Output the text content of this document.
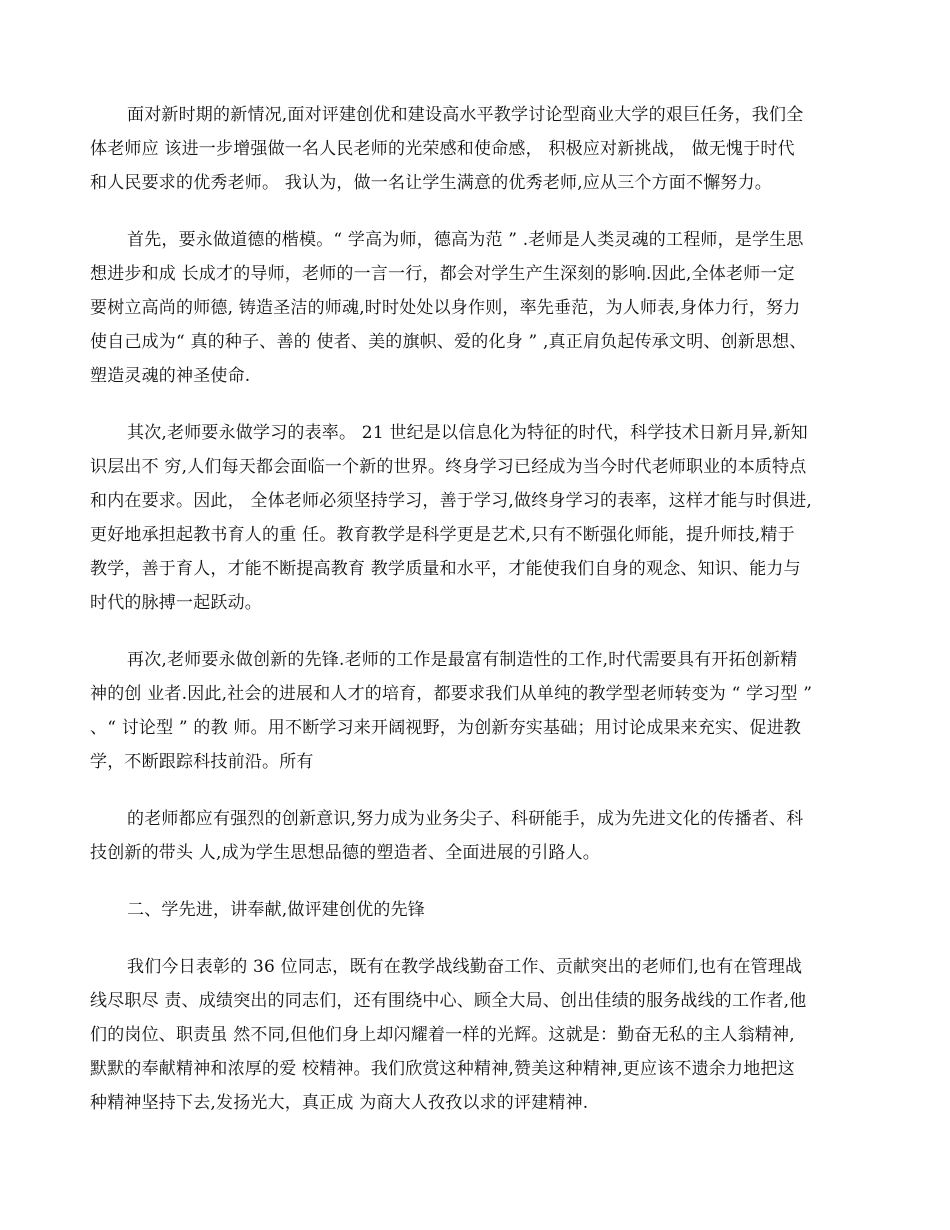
面对新时期的新情况,面对评建创优和建设高水平教学讨论型商业大学的艰巨任务，我们全
体老师应 该进一步增强做一名人民老师的光荣感和使命感， 积极应对新挑战， 做无愧于时代
和人民要求的优秀老师。 我认为，做一名让学生满意的优秀老师,应从三个方面不懈努力。
首先，要永做道德的楷模。“ 学高为师，德高为范 ” .老师是人类灵魂的工程师，是学生思
想进步和成 长成才的导师，老师的一言一行，都会对学生产生深刻的影响.因此,全体老师一定
要树立高尚的师德, 铸造圣洁的师魂,时时处处以身作则，率先垂范，为人师表,身体力行，努力
使自己成为“ 真的种子、善的 使者、美的旗帜、爱的化身 ” ,真正肩负起传承文明、创新思想、
塑造灵魂的神圣使命.
其次,老师要永做学习的表率。 21 世纪是以信息化为特征的时代，科学技术日新月异,新知
识层出不 穷,人们每天都会面临一个新的世界。终身学习已经成为当今时代老师职业的本质特点
和内在要求。因此， 全体老师必须坚持学习，善于学习,做终身学习的表率，这样才能与时俱进,
更好地承担起教书育人的重 任。教育教学是科学更是艺术,只有不断强化师能，提升师技,精于
教学，善于育人，才能不断提高教育 教学质量和水平，才能使我们自身的观念、知识、能力与
时代的脉搏一起跃动。
再次,老师要永做创新的先锋.老师的工作是最富有制造性的工作,时代需要具有开拓创新精
神的创 业者.因此,社会的进展和人才的培育，都要求我们从单纯的教学型老师转变为 “ 学习型 ”
、“ 讨论型 ” 的教 师。用不断学习来开阔视野，为创新夯实基础；用讨论成果来充实、促进教
学，不断跟踪科技前沿。所有
的老师都应有强烈的创新意识,努力成为业务尖子、科研能手，成为先进文化的传播者、科
技创新的带头 人,成为学生思想品德的塑造者、全面进展的引路人。
二、学先进，讲奉献,做评建创优的先锋
我们今日表彰的 36 位同志，既有在教学战线勤奋工作、贡献突出的老师们,也有在管理战
线尽职尽 责、成绩突出的同志们，还有围绕中心、顾全大局、创出佳绩的服务战线的工作者,他
们的岗位、职责虽 然不同,但他们身上却闪耀着一样的光辉。这就是：勤奋无私的主人翁精神,
默默的奉献精神和浓厚的爱 校精神。我们欣赏这种精神,赞美这种精神,更应该不遗余力地把这
种精神坚持下去,发扬光大，真正成 为商大人孜孜以求的评建精神.
